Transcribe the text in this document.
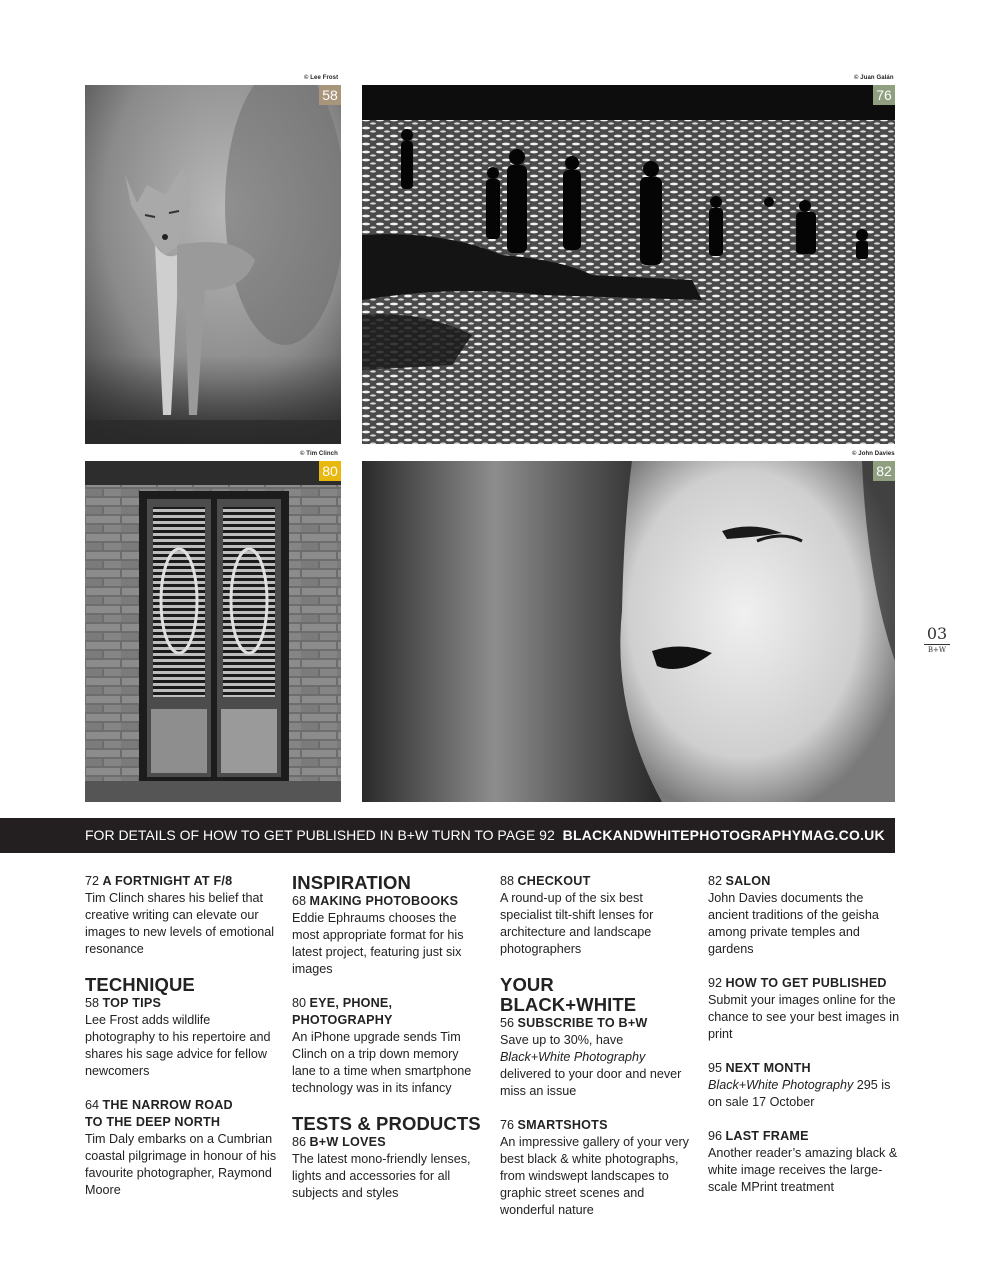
© Lee Frost
58
© Juan Galán
76
© Tim Clinch
80
© John Davies
82
03
B+W
FOR DETAILS OF HOW TO GET PUBLISHED IN B+W TURN TO PAGE 92 BLACKANDWHITEPHOTOGRAPHYMAG.CO.UK
72 A FORTNIGHT AT F/8
Tim Clinch shares his belief that creative writing can elevate our images to new levels of emotional resonance
TECHNIQUE
58 TOP TIPS
Lee Frost adds wildlife photography to his repertoire and shares his sage advice for fellow newcomers
64 THE NARROW ROAD
TO THE DEEP NORTH
Tim Daly embarks on a Cumbrian coastal pilgrimage in honour of his favourite photographer, Raymond Moore
INSPIRATION
68 MAKING PHOTOBOOKS
Eddie Ephraums chooses the most appropriate format for his latest project, featuring just six images
80 EYE, PHONE,
PHOTOGRAPHY
An iPhone upgrade sends Tim Clinch on a trip down memory lane to a time when smartphone technology was in its infancy
TESTS & PRODUCTS
86 B+W LOVES
The latest mono-friendly lenses, lights and accessories for all subjects and styles
88 CHECKOUT
A round-up of the six best specialist tilt-shift lenses for architecture and landscape photographers
YOUR BLACK+WHITE
56 SUBSCRIBE TO B+W
Save up to 30%, have
Black+White Photography
delivered to your door and never miss an issue
76 SMARTSHOTS
An impressive gallery of your very best black & white photographs, from windswept landscapes to graphic street scenes and wonderful nature
82 SALON
John Davies documents the ancient traditions of the geisha among private temples and gardens
92 HOW TO GET PUBLISHED
Submit your images online for the chance to see your best images in print
95 NEXT MONTH
Black+White Photography 295 is on sale 17 October
96 LAST FRAME
Another reader’s amazing black & white image receives the large-scale MPrint treatment
